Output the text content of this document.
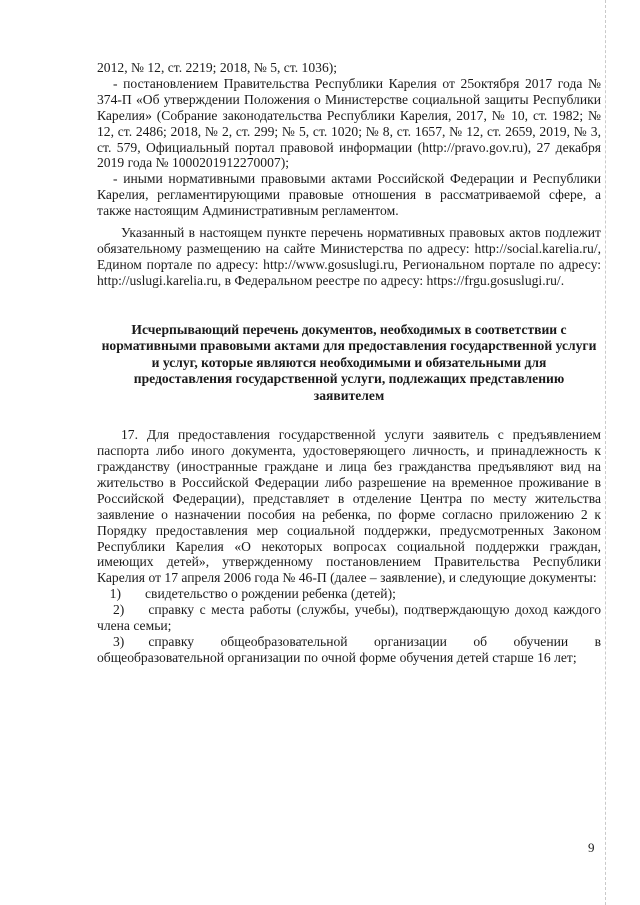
2012, № 12, ст. 2219; 2018, № 5, ст. 1036);

- постановлением Правительства Республики Карелия от 25октября 2017 года № 374-П «Об утверждении Положения о Министерстве социальной защиты Республики Карелия» (Собрание законодательства Республики Карелия, 2017, № 10, ст. 1982; № 12, ст. 2486; 2018, № 2, ст. 299; № 5, ст. 1020; № 8, ст. 1657, № 12, ст. 2659, 2019, № 3, ст. 579, Официальный портал правовой информации (http://pravo.gov.ru), 27 декабря 2019 года № 1000201912270007);

- иными нормативными правовыми актами Российской Федерации и Республики Карелия, регламентирующими правовые отношения в рассматриваемой сфере, а также настоящим Административным регламентом.

Указанный в настоящем пункте перечень нормативных правовых актов подлежит обязательному размещению на сайте Министерства по адресу: http://social.karelia.ru/, Едином портале по адресу: http://www.gosuslugi.ru, Региональном портале по адресу: http://uslugi.karelia.ru, в Федеральном реестре по адресу: https://frgu.gosuslugi.ru/.

Исчерпывающий перечень документов, необходимых в соответствии с нормативными правовыми актами для предоставления государственной услуги и услуг, которые являются необходимыми и обязательными для предоставления государственной услуги, подлежащих представлению заявителем

17. Для предоставления государственной услуги заявитель с предъявлением паспорта либо иного документа, удостоверяющего личность, и принадлежность к гражданству (иностранные граждане и лица без гражданства предъявляют вид на жительство в Российской Федерации либо разрешение на временное проживание в Российской Федерации), представляет в отделение Центра по месту жительства заявление о назначении пособия на ребенка, по форме согласно приложению 2 к Порядку предоставления мер социальной поддержки, предусмотренных Законом Республики Карелия «О некоторых вопросах социальной поддержки граждан, имеющих детей», утвержденному постановлением Правительства Республики Карелия от 17 апреля 2006 года № 46-П (далее – заявление), и следующие документы:

1)	свидетельство о рождении ребенка (детей);

2) справку с места работы (службы, учебы), подтверждающую доход каждого члена семьи;

3) справку общеобразовательной организации об обучении в общеобразовательной организации по очной форме обучения детей старше 16 лет;

9
